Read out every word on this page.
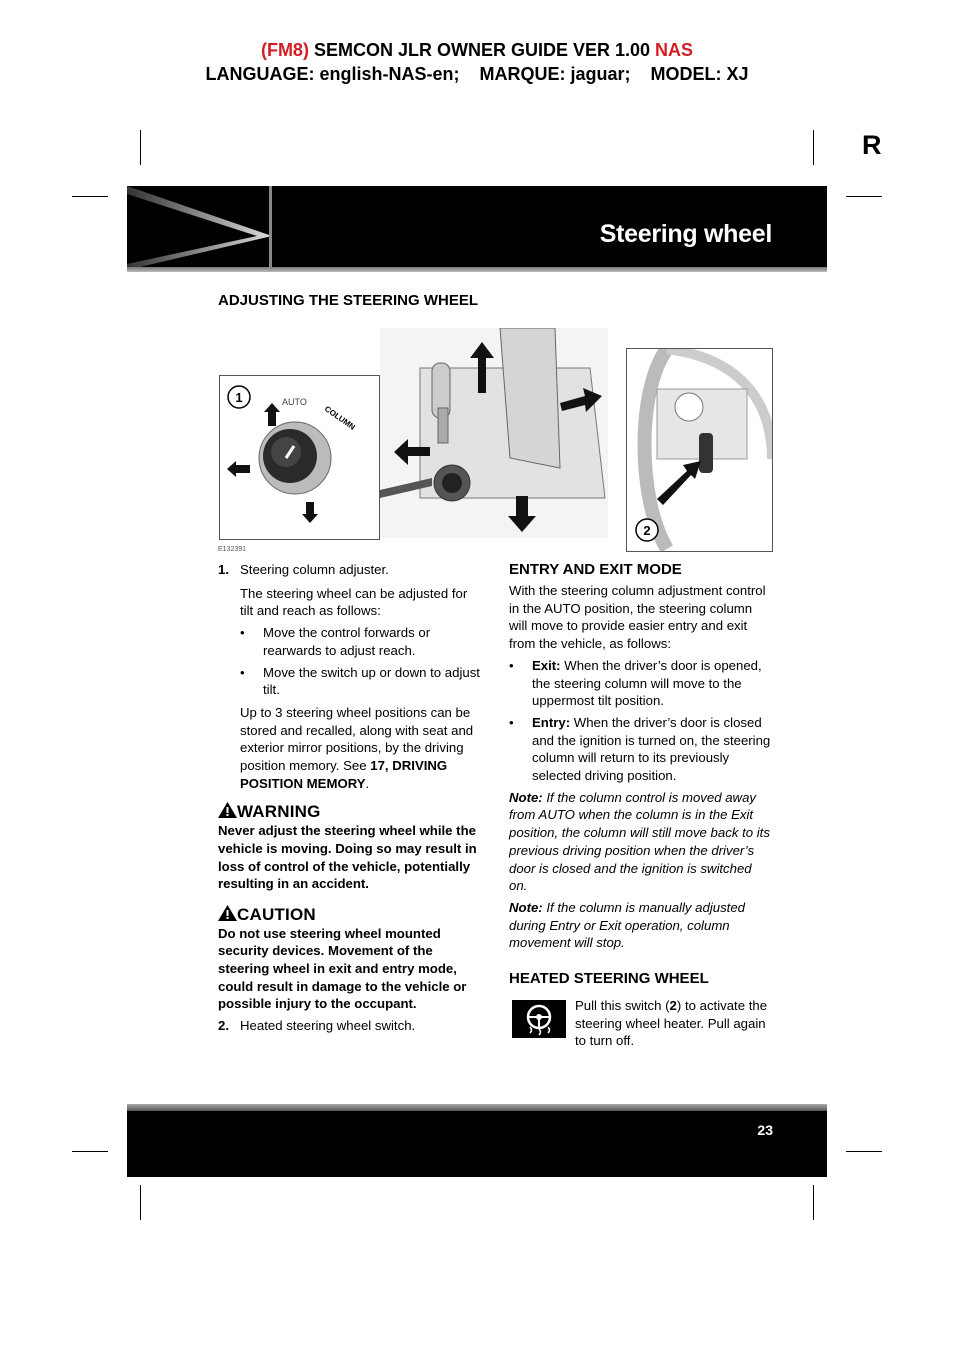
(FM8) SEMCON JLR OWNER GUIDE VER 1.00 NAS
LANGUAGE: english-NAS-en;    MARQUE: jaguar;    MODEL: XJ
R
Steering wheel
ADJUSTING THE STEERING WHEEL
1	AUTO
COLUMN
2
E132391
1. Steering column adjuster.
The steering wheel can be adjusted for tilt and reach as follows:
• Move the control forwards or rearwards to adjust reach.
• Move the switch up or down to adjust tilt.
Up to 3 steering wheel positions can be stored and recalled, along with seat and exterior mirror positions, by the driving position memory. See 17, DRIVING POSITION MEMORY.
WARNING
Never adjust the steering wheel while the vehicle is moving. Doing so may result in loss of control of the vehicle, potentially resulting in an accident.
CAUTION
Do not use steering wheel mounted security devices. Movement of the steering wheel in exit and entry mode, could result in damage to the vehicle or possible injury to the occupant.
2. Heated steering wheel switch.
ENTRY AND EXIT MODE
With the steering column adjustment control in the AUTO position, the steering column will move to provide easier entry and exit from the vehicle, as follows:
• Exit: When the driver’s door is opened, the steering column will move to the uppermost tilt position.
• Entry: When the driver’s door is closed and the ignition is turned on, the steering column will return to its previously selected driving position.
Note: If the column control is moved away from AUTO when the column is in the Exit position, the column will still move back to its previous driving position when the driver’s door is closed and the ignition is switched on.
Note: If the column is manually adjusted during Entry or Exit operation, column movement will stop.
HEATED STEERING WHEEL
Pull this switch (2) to activate the steering wheel heater. Pull again to turn off.
23
